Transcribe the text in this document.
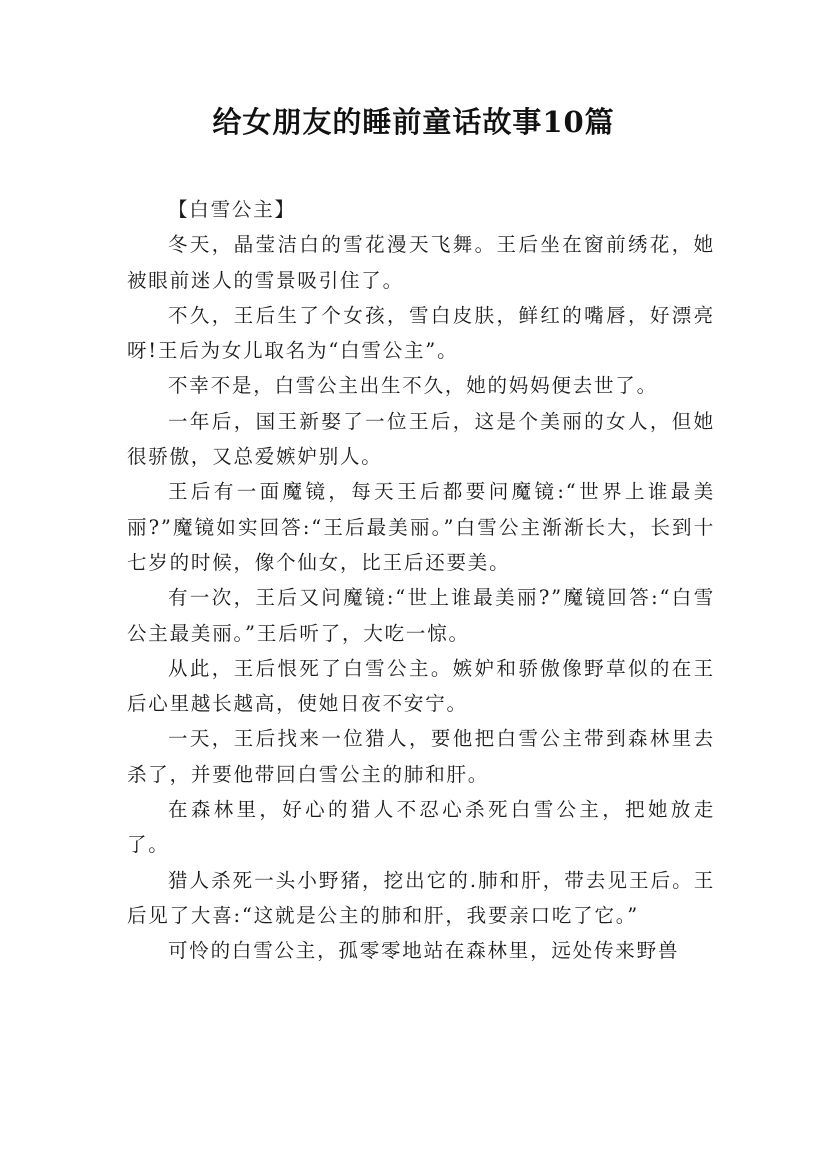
给女朋友的睡前童话故事10篇

【白雪公主】

冬天，晶莹洁白的雪花漫天飞舞。王后坐在窗前绣花，她被眼前迷人的雪景吸引住了。

不久，王后生了个女孩，雪白皮肤，鲜红的嘴唇，好漂亮呀!王后为女儿取名为“白雪公主”。

不幸不是，白雪公主出生不久，她的妈妈便去世了。

一年后，国王新娶了一位王后，这是个美丽的女人，但她很骄傲，又总爱嫉妒别人。

王后有一面魔镜，每天王后都要问魔镜:“世界上谁最美丽?”魔镜如实回答:“王后最美丽。”白雪公主渐渐长大，长到十七岁的时候，像个仙女，比王后还要美。

有一次，王后又问魔镜:“世上谁最美丽?”魔镜回答:“白雪公主最美丽。”王后听了，大吃一惊。

从此，王后恨死了白雪公主。嫉妒和骄傲像野草似的在王后心里越长越高，使她日夜不安宁。

一天，王后找来一位猎人，要他把白雪公主带到森林里去杀了，并要他带回白雪公主的肺和肝。

在森林里，好心的猎人不忍心杀死白雪公主，把她放走了。

猎人杀死一头小野猪，挖出它的.肺和肝，带去见王后。王后见了大喜:“这就是公主的肺和肝，我要亲口吃了它。”

可怜的白雪公主，孤零零地站在森林里，远处传来野兽
